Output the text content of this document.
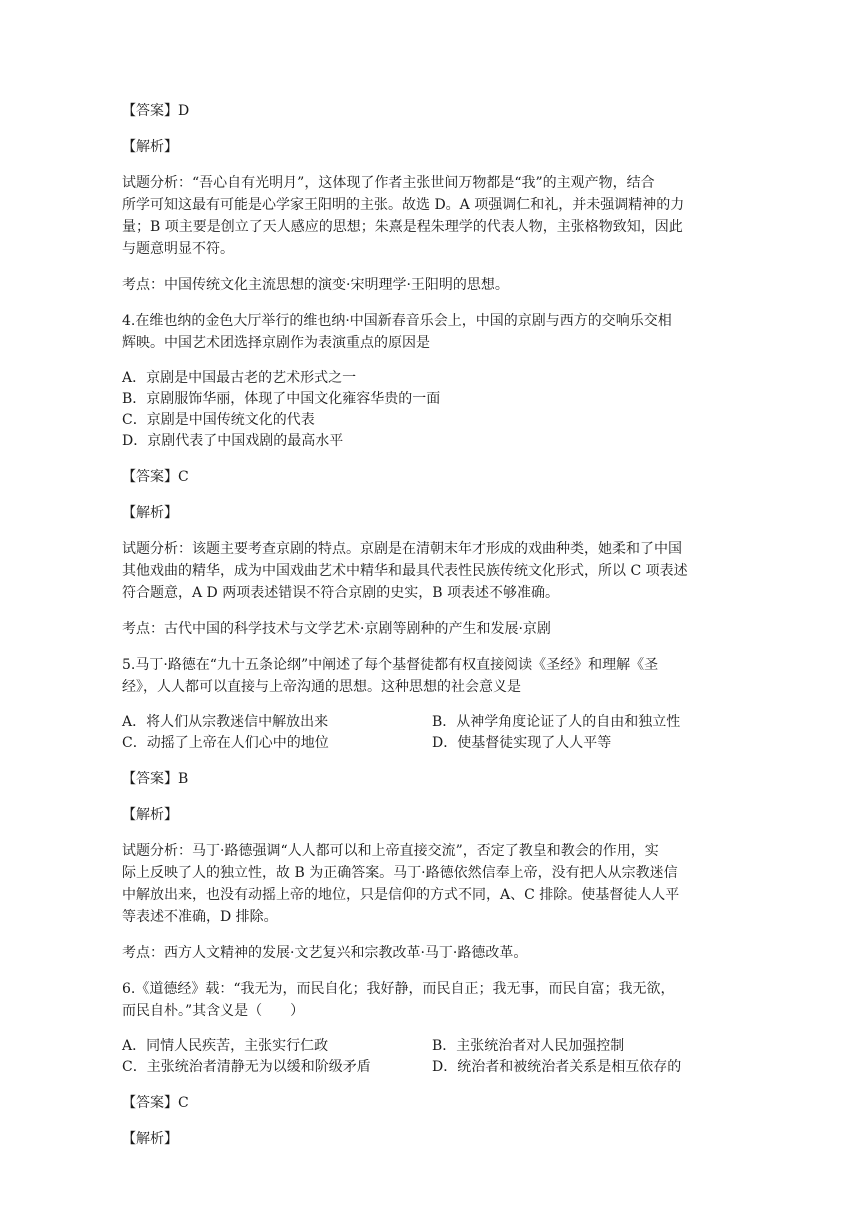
【答案】D

【解析】

试题分析：“吾心自有光明月”，这体现了作者主张世间万物都是“我”的主观产物，结合

所学可知这最有可能是心学家王阳明的主张。故选 D。A 项强调仁和礼，并未强调精神的力

量；B 项主要是创立了天人感应的思想；朱熹是程朱理学的代表人物，主张格物致知，因此

与题意明显不符。

考点：中国传统文化主流思想的演变·宋明理学·王阳明的思想。

4.在维也纳的金色大厅举行的维也纳·中国新春音乐会上，中国的京剧与西方的交响乐交相

辉映。中国艺术团选择京剧作为表演重点的原因是

A．京剧是中国最古老的艺术形式之一

B．京剧服饰华丽，体现了中国文化雍容华贵的一面

C．京剧是中国传统文化的代表

D．京剧代表了中国戏剧的最高水平

【答案】C

【解析】

试题分析：该题主要考查京剧的特点。京剧是在清朝末年才形成的戏曲种类，她柔和了中国

其他戏曲的精华，成为中国戏曲艺术中精华和最具代表性民族传统文化形式，所以 C 项表述

符合题意，A D 两项表述错误不符合京剧的史实，B 项表述不够准确。

考点：古代中国的科学技术与文学艺术·京剧等剧种的产生和发展·京剧

5.马丁·路德在“九十五条论纲”中阐述了每个基督徒都有权直接阅读《圣经》和理解《圣

经》，人人都可以直接与上帝沟通的思想。这种思想的社会意义是

A．将人们从宗教迷信中解放出来	B．从神学角度论证了人的自由和独立性
C．动摇了上帝在人们心中的地位	D．使基督徒实现了人人平等

【答案】B

【解析】

试题分析：马丁·路德强调“人人都可以和上帝直接交流”，否定了教皇和教会的作用，实

际上反映了人的独立性，故 B 为正确答案。马丁·路德依然信奉上帝，没有把人从宗教迷信

中解放出来，也没有动摇上帝的地位，只是信仰的方式不同，A、C 排除。使基督徒人人平

等表述不准确，D 排除。

考点：西方人文精神的发展·文艺复兴和宗教改革·马丁·路德改革。

6.《道德经》载：“我无为，而民自化；我好静，而民自正；我无事，而民自富；我无欲，

而民自朴。”其含义是（　　）

A．同情人民疾苦，主张实行仁政	B．主张统治者对人民加强控制
C．主张统治者清静无为以缓和阶级矛盾	D．统治者和被统治者关系是相互依存的

【答案】C

【解析】
